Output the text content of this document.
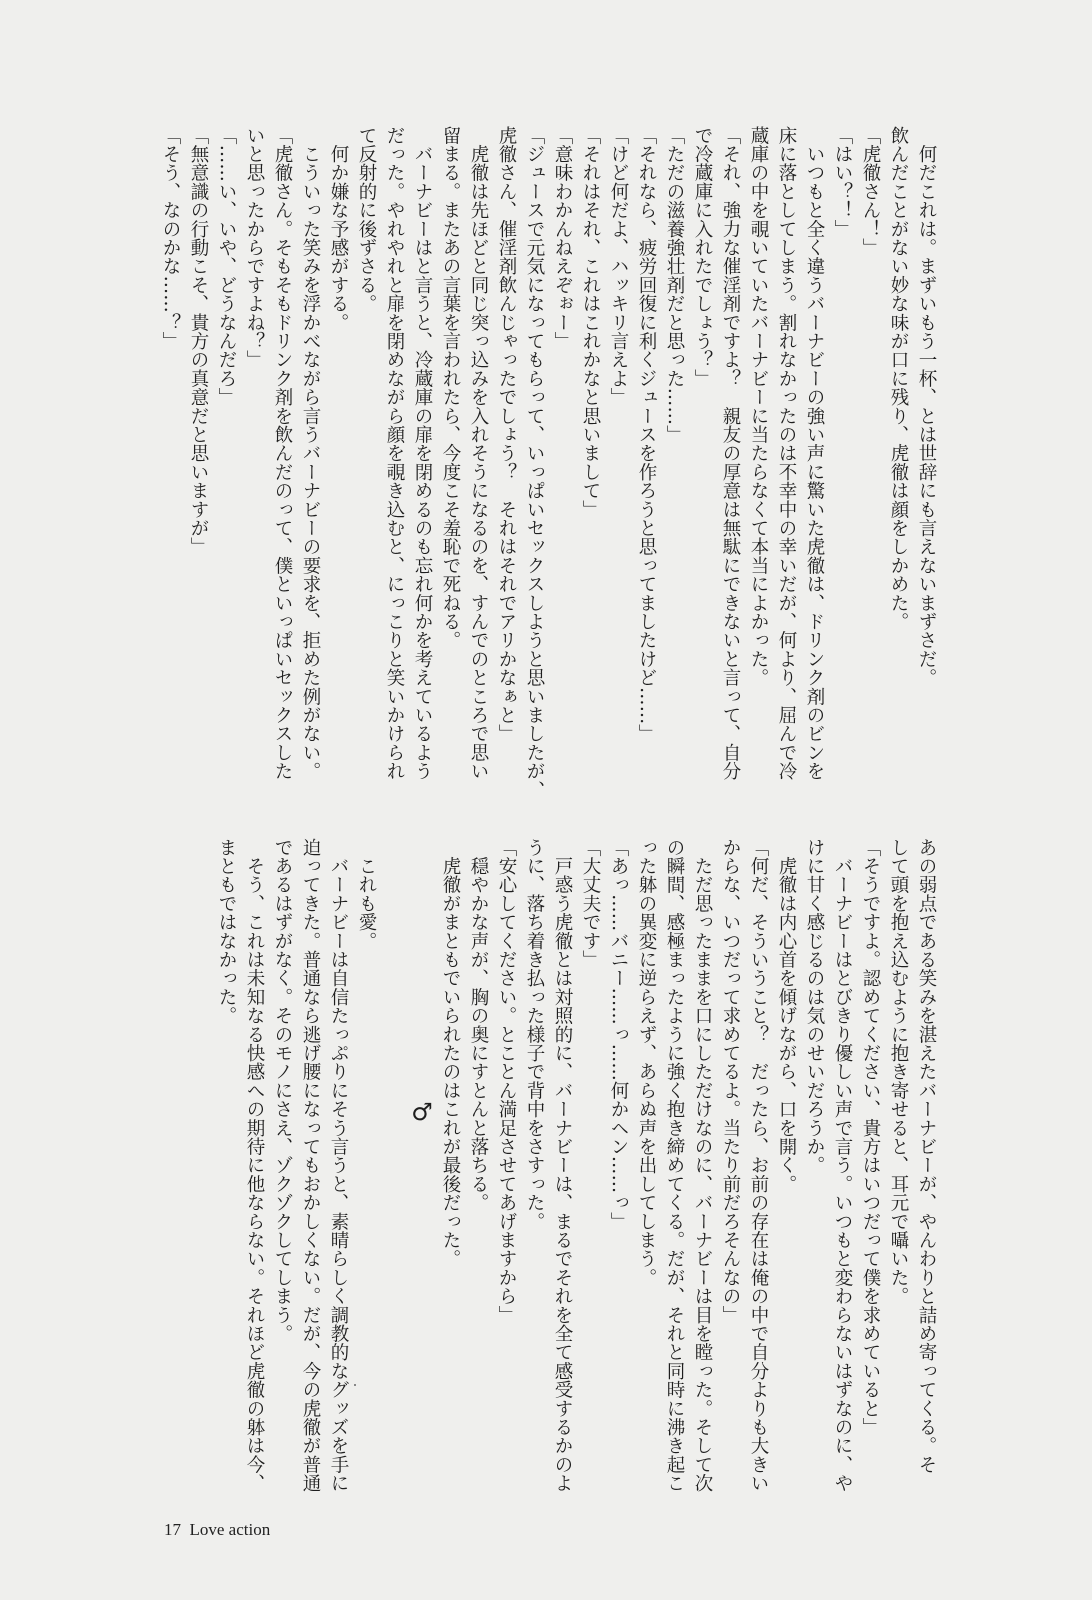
　何だこれは。まずいもう一杯、とは世辞にも言えないまずさだ。
飲んだことがない妙な味が口に残り、虎徹は顔をしかめた。
「虎徹さん！」
「はい？！」
　いつもと全く違うバーナビーの強い声に驚いた虎徹は、ドリンク剤のビンを
床に落としてしまう。割れなかったのは不幸中の幸いだが、何より、屈んで冷
蔵庫の中を覗いていたバーナビーに当たらなくて本当によかった。
「それ、強力な催淫剤ですよ？　親友の厚意は無駄にできないと言って、自分
で冷蔵庫に入れたでしょう？」
「ただの滋養強壮剤だと思った……」
「それなら、疲労回復に利くジュースを作ろうと思ってましたけど……」
「けど何だよ、ハッキリ言えよ」
「それはそれ、これはこれかなと思いまして」
「意味わかんねえぞぉー」
「ジュースで元気になってもらって、いっぱいセックスしようと思いましたが、
虎徹さん、催淫剤飲んじゃったでしょう？　それはそれでアリかなぁと」
　虎徹は先ほどと同じ突っ込みを入れそうになるのを、すんでのところで思い
留まる。またあの言葉を言われたら、今度こそ羞恥で死ねる。
　バーナビーはと言うと、冷蔵庫の扉を閉めるのも忘れ何かを考えているよう
だった。やれやれと扉を閉めながら顔を覗き込むと、にっこりと笑いかけられ
て反射的に後ずさる。
　何か嫌な予感がする。
　こういった笑みを浮かべながら言うバーナビーの要求を、拒めた例がない。
「虎徹さん。そもそもドリンク剤を飲んだのって、僕といっぱいセックスした
いと思ったからですよね？」
「……い、いや、どうなんだろ」
「無意識の行動こそ、貴方の真意だと思いますが」
「そう、なのかな……？」
あの弱点である笑みを湛えたバーナビーが、やんわりと詰め寄ってくる。そ
して頭を抱え込むように抱き寄せると、耳元で囁いた。
「そうですよ。認めてください、貴方はいつだって僕を求めていると」
　バーナビーはとびきり優しい声で言う。いつもと変わらないはずなのに、や
けに甘く感じるのは気のせいだろうか。
　虎徹は内心首を傾げながら、口を開く。
「何だ、そういうこと？　だったら、お前の存在は俺の中で自分よりも大きい
からな、いつだって求めてるよ。当たり前だろそんなの」
　ただ思ったままを口にしただけなのに、バーナビーは目を瞠った。そして次
の瞬間、感極まったように強く抱き締めてくる。だが、それと同時に沸き起こ
った躰の異変に逆らえず、あらぬ声を出してしまう。
「あっ……バニー……っ……何かヘン……っ」
「大丈夫です」
　戸惑う虎徹とは対照的に、バーナビーは、まるでそれを全て感受するかのよ
うに、落ち着き払った様子で背中をさすった。
「安心してください。とことん満足させてあげますから」
　穏やかな声が、胸の奥にすとんと落ちる。
　虎徹がまともでいられたのはこれが最後だった。
♂
　これも愛。
　バーナビーは自信たっぷりにそう言うと、素晴らしく調教的なグッズを手に
迫ってきた。普通なら逃げ腰になってもおかしくない。だが、今の虎徹が普通
であるはずがなく。そのモノにさえ、ゾクゾクしてしまう。
　そう、これは未知なる快感への期待に他ならない。それほど虎徹の躰は今、
まともではなかった。
17 Love action
